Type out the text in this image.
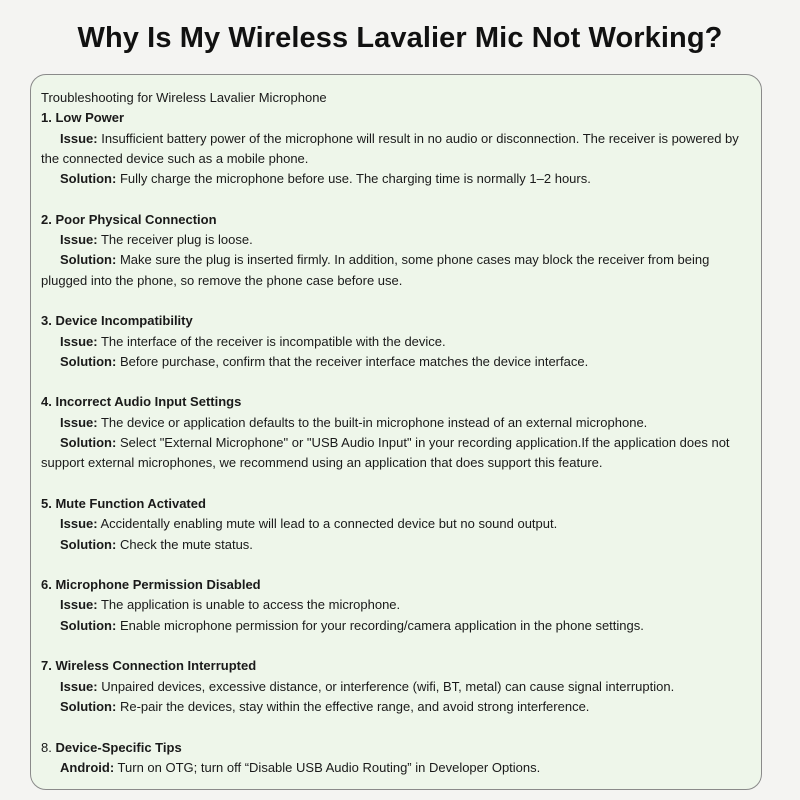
Why Is My Wireless Lavalier Mic Not Working?

Troubleshooting for Wireless Lavalier Microphone

1. Low Power

Issue: Insufficient battery power of the microphone will result in no audio or disconnection. The receiver is powered by the connected device such as a mobile phone.

Solution: Fully charge the microphone before use. The charging time is normally 1–2 hours.

2. Poor Physical Connection

Issue: The receiver plug is loose.

Solution: Make sure the plug is inserted firmly. In addition, some phone cases may block the receiver from being plugged into the phone, so remove the phone case before use.

3. Device Incompatibility

Issue: The interface of the receiver is incompatible with the device.

Solution: Before purchase, confirm that the receiver interface matches the device interface.

4. Incorrect Audio Input Settings

Issue: The device or application defaults to the built-in microphone instead of an external microphone.

Solution: Select "External Microphone" or "USB Audio Input" in your recording application.If the application does not support external microphones, we recommend using an application that does support this feature.

5. Mute Function Activated

Issue: Accidentally enabling mute will lead to a connected device but no sound output.

Solution: Check the mute status.

6. Microphone Permission Disabled

Issue: The application is unable to access the microphone.

Solution: Enable microphone permission for your recording/camera application in the phone settings.

7. Wireless Connection Interrupted

Issue: Unpaired devices, excessive distance, or interference (wifi, BT, metal) can cause signal interruption.

Solution: Re-pair the devices, stay within the effective range, and avoid strong interference.

8. Device-Specific Tips

Android: Turn on OTG; turn off “Disable USB Audio Routing” in Developer Options.
